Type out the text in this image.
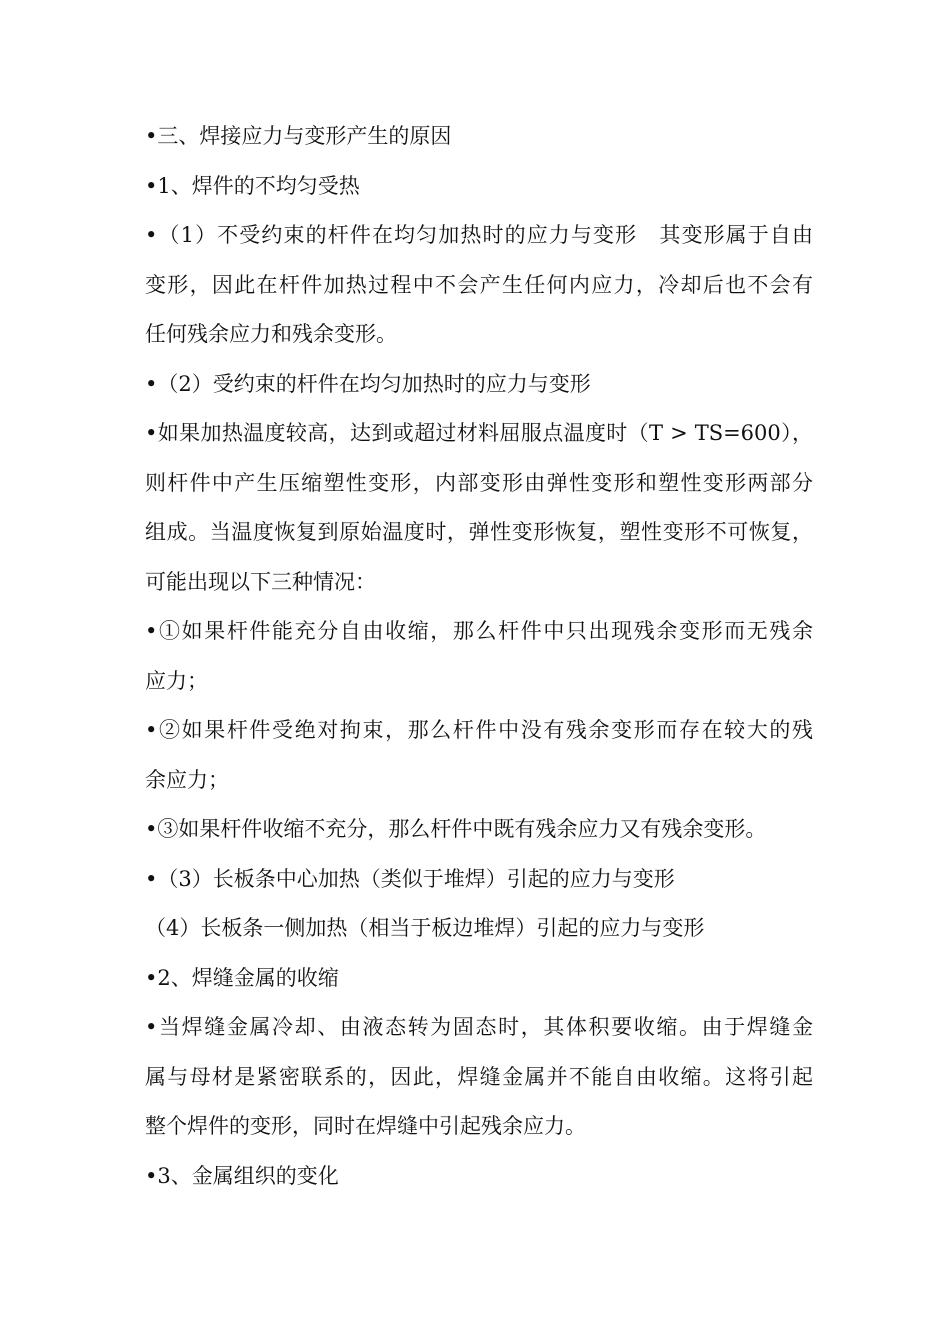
•三、焊接应力与变形产生的原因
•1、焊件的不均匀受热
•（1）不受约束的杆件在均匀加热时的应力与变形　其变形属于自由
变形，因此在杆件加热过程中不会产生任何内应力，冷却后也不会有
任何残余应力和残余变形。
•（2）受约束的杆件在均匀加热时的应力与变形
•如果加热温度较高，达到或超过材料屈服点温度时（T > TS=600），
则杆件中产生压缩塑性变形，内部变形由弹性变形和塑性变形两部分
组成。当温度恢复到原始温度时，弹性变形恢复，塑性变形不可恢复，
可能出现以下三种情况：
•①如果杆件能充分自由收缩，那么杆件中只出现残余变形而无残余
应力；
•②如果杆件受绝对拘束，那么杆件中没有残余变形而存在较大的残
余应力；
•③如果杆件收缩不充分，那么杆件中既有残余应力又有残余变形。
•（3）长板条中心加热（类似于堆焊）引起的应力与变形
（4）长板条一侧加热（相当于板边堆焊）引起的应力与变形
•2、焊缝金属的收缩
•当焊缝金属冷却、由液态转为固态时，其体积要收缩。由于焊缝金
属与母材是紧密联系的，因此，焊缝金属并不能自由收缩。这将引起
整个焊件的变形，同时在焊缝中引起残余应力。
•3、金属组织的变化
